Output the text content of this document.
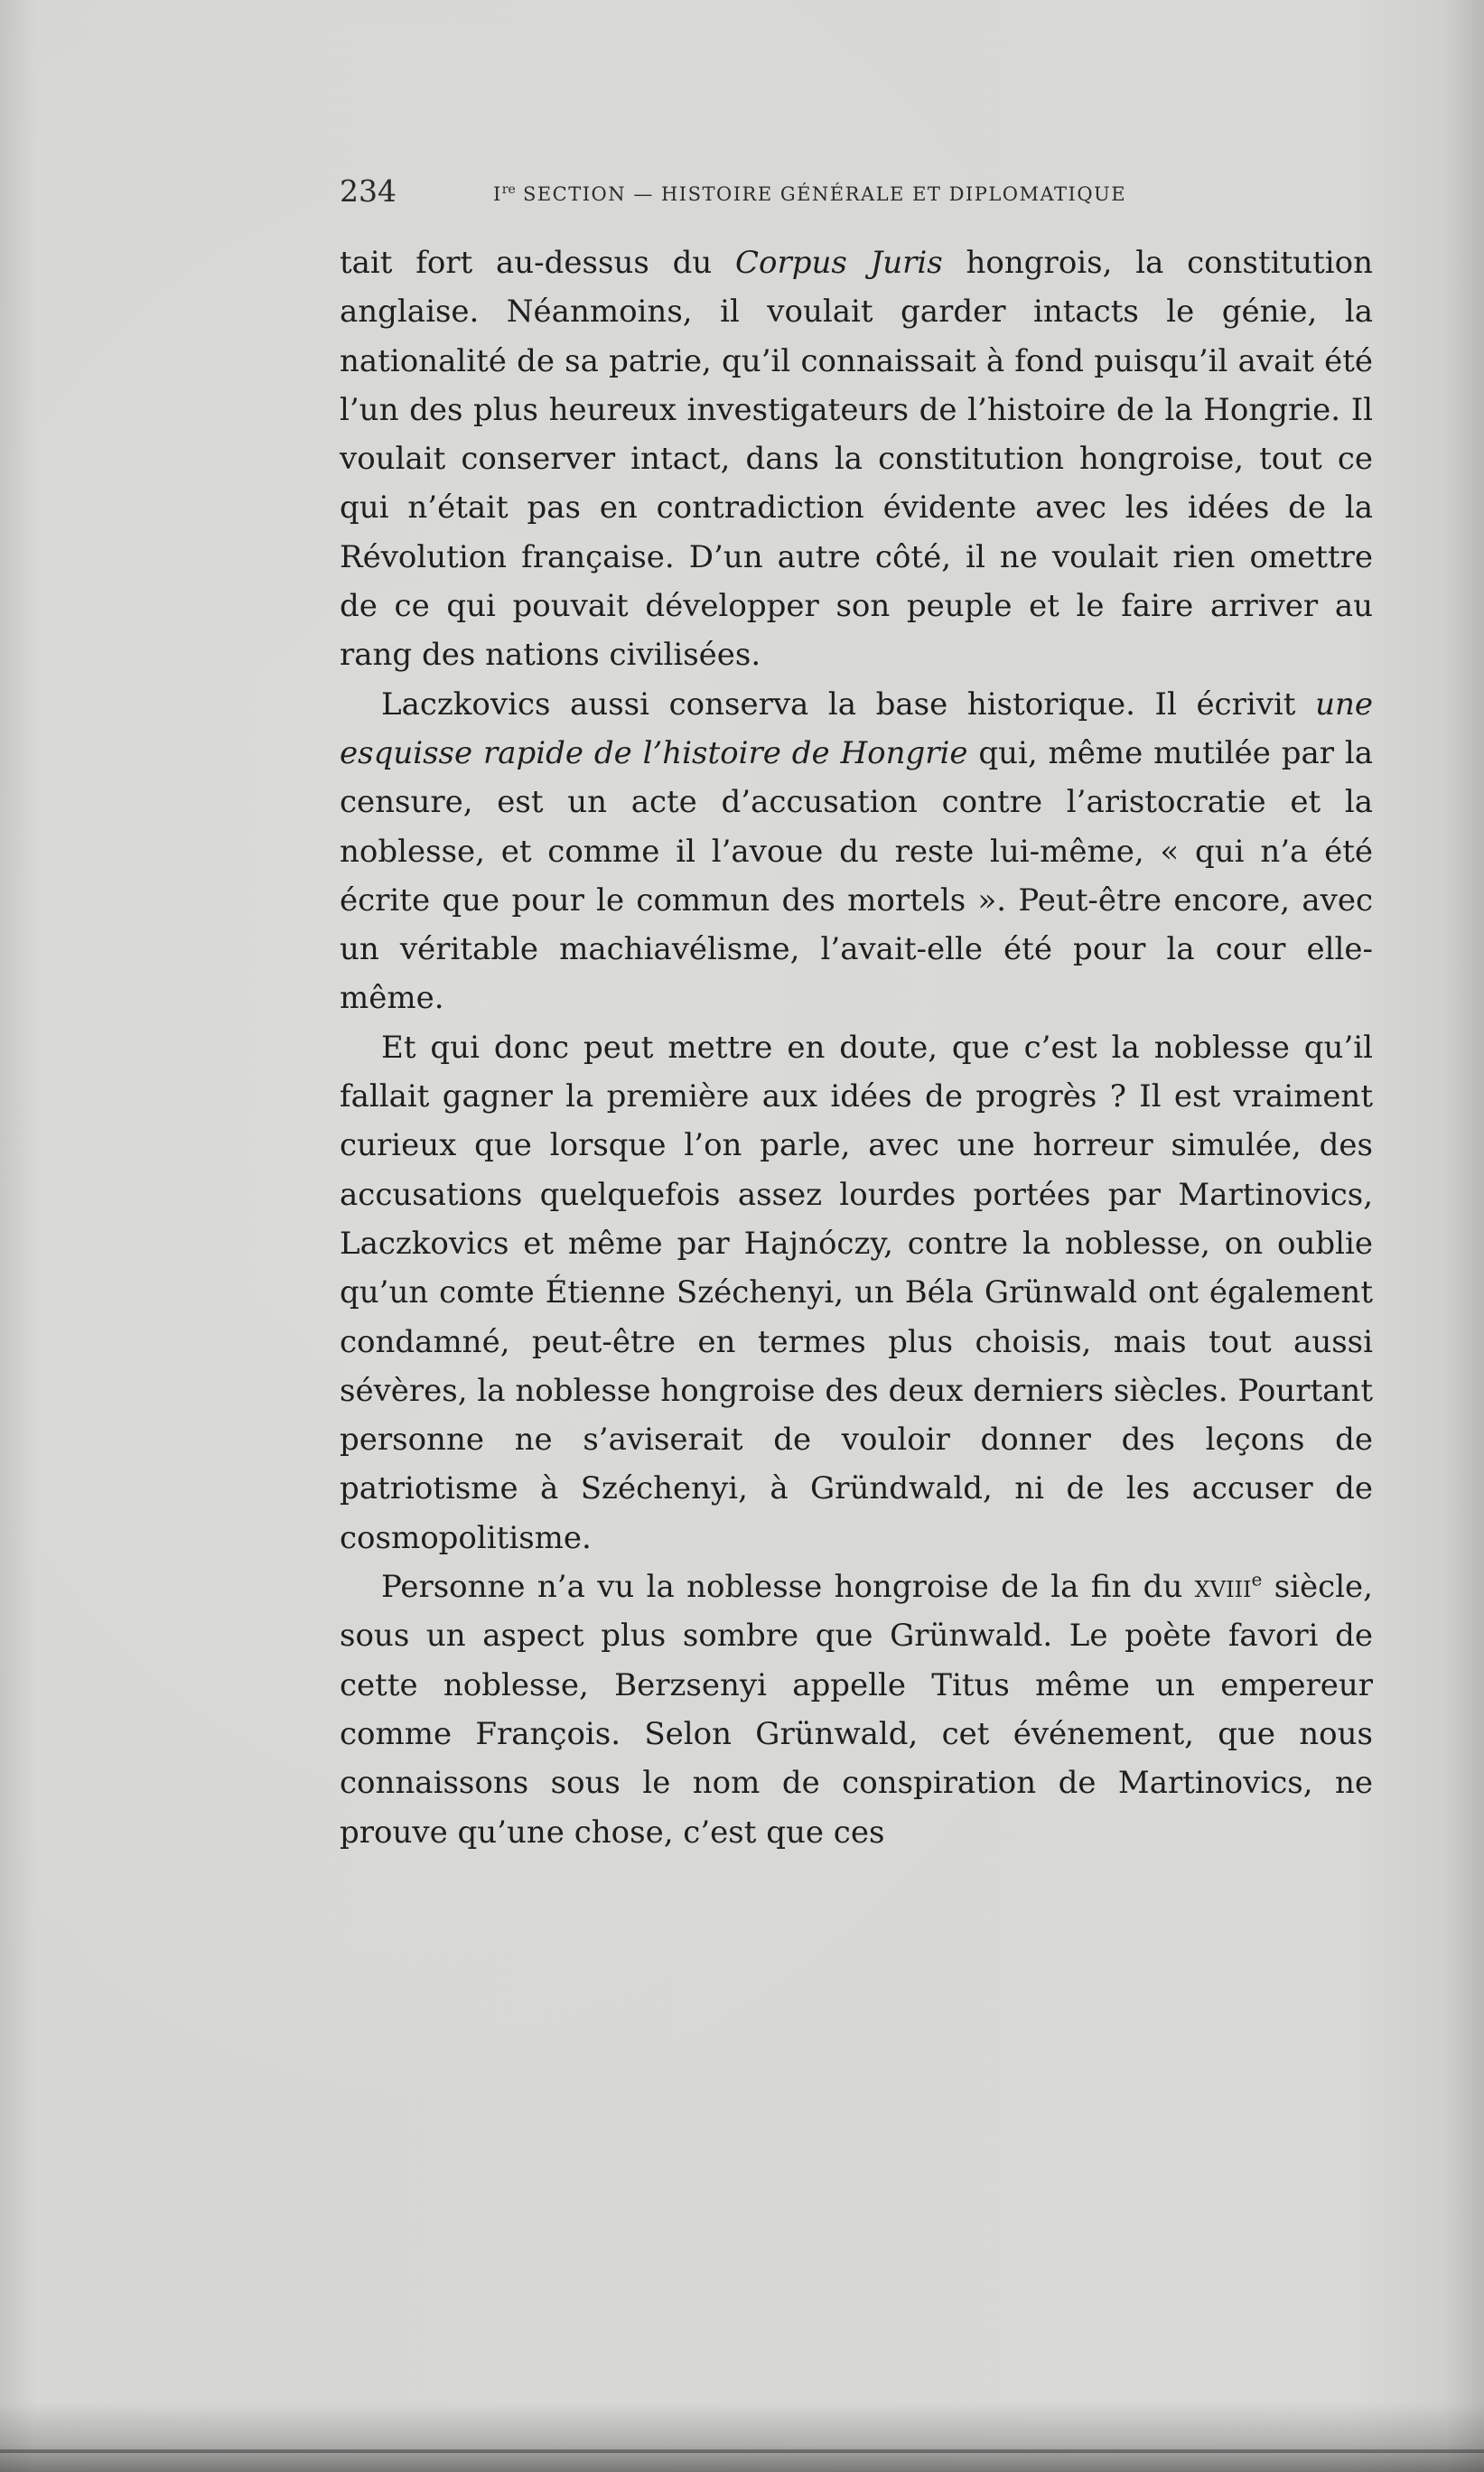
234	Ire SECTION — HISTOIRE GÉNÉRALE ET DIPLOMATIQUE

tait fort au-dessus du Corpus Juris hongrois, la constitution anglaise. Néanmoins, il voulait garder intacts le génie, la nationalité de sa patrie, qu’il connaissait à fond puisqu’il avait été l’un des plus heureux investigateurs de l’histoire de la Hongrie. Il voulait conserver intact, dans la constitution hongroise, tout ce qui n’était pas en contradiction évidente avec les idées de la Révolution française. D’un autre côté, il ne voulait rien omettre de ce qui pouvait développer son peuple et le faire arriver au rang des nations civilisées.

Laczkovics aussi conserva la base historique. Il écrivit une esquisse rapide de l’histoire de Hongrie qui, même mutilée par la censure, est un acte d’accusation contre l’aristocratie et la noblesse, et comme il l’avoue du reste lui-même, « qui n’a été écrite que pour le commun des mortels ». Peut-être encore, avec un véritable machiavélisme, l’avait-elle été pour la cour elle-même.

Et qui donc peut mettre en doute, que c’est la noblesse qu’il fallait gagner la première aux idées de progrès ? Il est vraiment curieux que lorsque l’on parle, avec une horreur simulée, des accusations quelquefois assez lourdes portées par Martinovics, Laczkovics et même par Hajnóczy, contre la noblesse, on oublie qu’un comte Étienne Széchenyi, un Béla Grünwald ont également condamné, peut-être en termes plus choisis, mais tout aussi sévères, la noblesse hongroise des deux derniers siècles. Pourtant personne ne s’aviserait de vouloir donner des leçons de patriotisme à Széchenyi, à Gründwald, ni de les accuser de cosmopolitisme.

Personne n’a vu la noblesse hongroise de la fin du xviii$^e$ siècle, sous un aspect plus sombre que Grünwald. Le poète favori de cette noblesse, Berzsenyi appelle Titus même un empereur comme François. Selon Grünwald, cet événement, que nous connaissons sous le nom de conspiration de Martinovics, ne prouve qu’une chose, c’est que ces
